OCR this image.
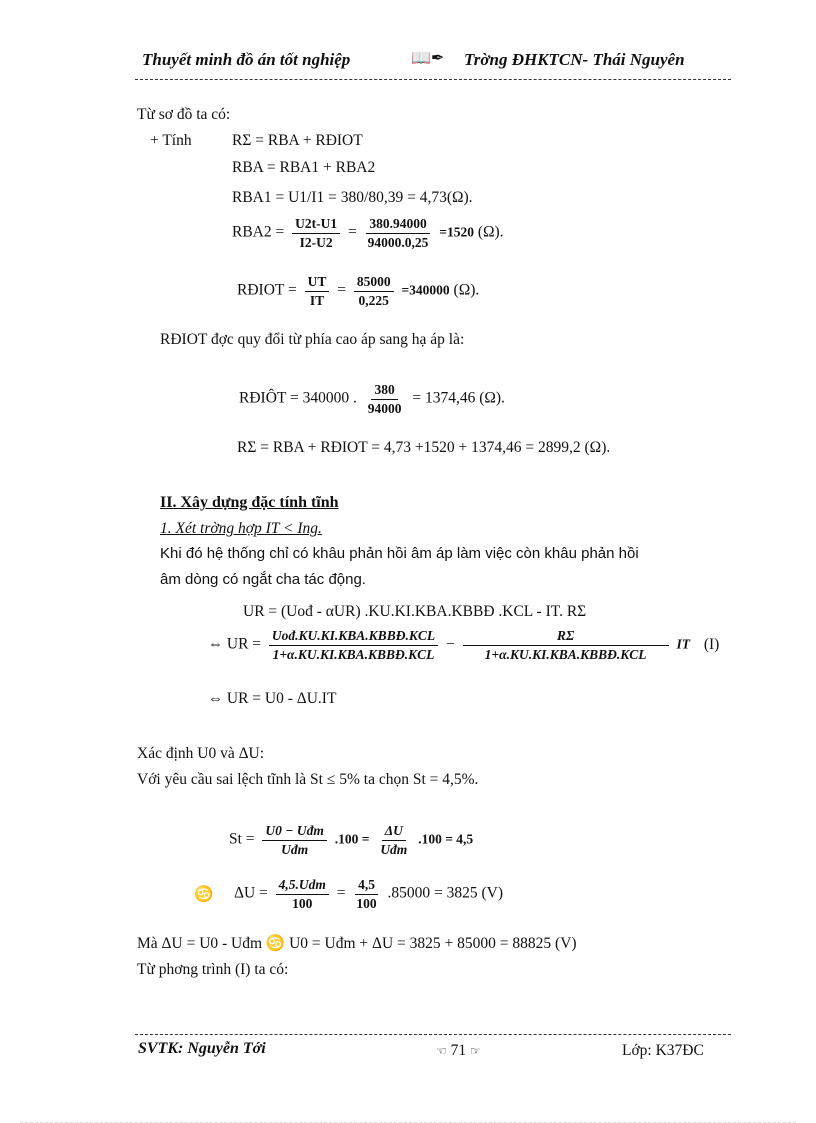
Thuyết minh đồ án tốt nghiệp	📖✒ Trờng ĐHKTCN- Thái Nguyên
Từ sơ đồ ta có:
+ Tính	RΣ = RBA + RĐIOT
RBA = RBA1 + RBA2
RBA1 = U1/I1 = 380/80,39 = 4,73(Ω).
$RBA2 = \frac{U2t-U1}{I2-U2} = \frac{380.94000}{94000.0,25} =1520$ (Ω).
RĐIOT = $\frac{UT}{IT} = \frac{85000}{0,225} =340000$ (Ω).
RĐIOT đợc quy đổi từ phía cao áp sang hạ áp là:
RĐIÔT = 340000 . $\frac{380}{94000} = 1374,46$ (Ω).
RΣ = RBA + RĐIOT = 4,73 +1520 + 1374,46 = 2899,2 (Ω).
II. Xây dựng đặc tính tĩnh
1. Xét trờng hợp IT < Ing.
Khi đó hệ thống chỉ có khâu phản hồi âm áp làm việc còn khâu phản hồi
âm dòng có ngắt cha tác động.
UR = (Uođ - αUR) .KU.KI.KBA.KBBĐ .KCL - IT. RΣ
⇔ UR = $\frac{\text{Uođ.KU.KI.KBA.KBBĐ.KCL}}{\text{1+α.KU.KI.KBA.KBBĐ.KCL}} - \frac{R\Sigma}{\text{1+α.KU.KI.KBA.KBBĐ.KCL}}$ IT (I)
⇔ UR = U0 - ΔU.IT
Xác định U0 và ΔU:
Với yêu cầu sai lệch tĩnh là St ≤ 5% ta chọn St = 4,5%.
$St = \frac{\text{U0 − Uđm}}{\text{Uđm}} .100 = \frac{\Delta U}{\text{Uđm}} .100 = 4,5$
♋ $\Delta U = \frac{\text{4,5.Udm}}{100} = \frac{4,5}{100} .85000 = 3825$ (V)
Mà ΔU = U0 - Uđm ♋ U0 = Uđm + ΔU = 3825 + 85000 = 88825 (V)
Từ phơng trình (I) ta có:
SVTK: Nguyễn Tới	☜ 71 ☞	Lớp: K37ĐC
